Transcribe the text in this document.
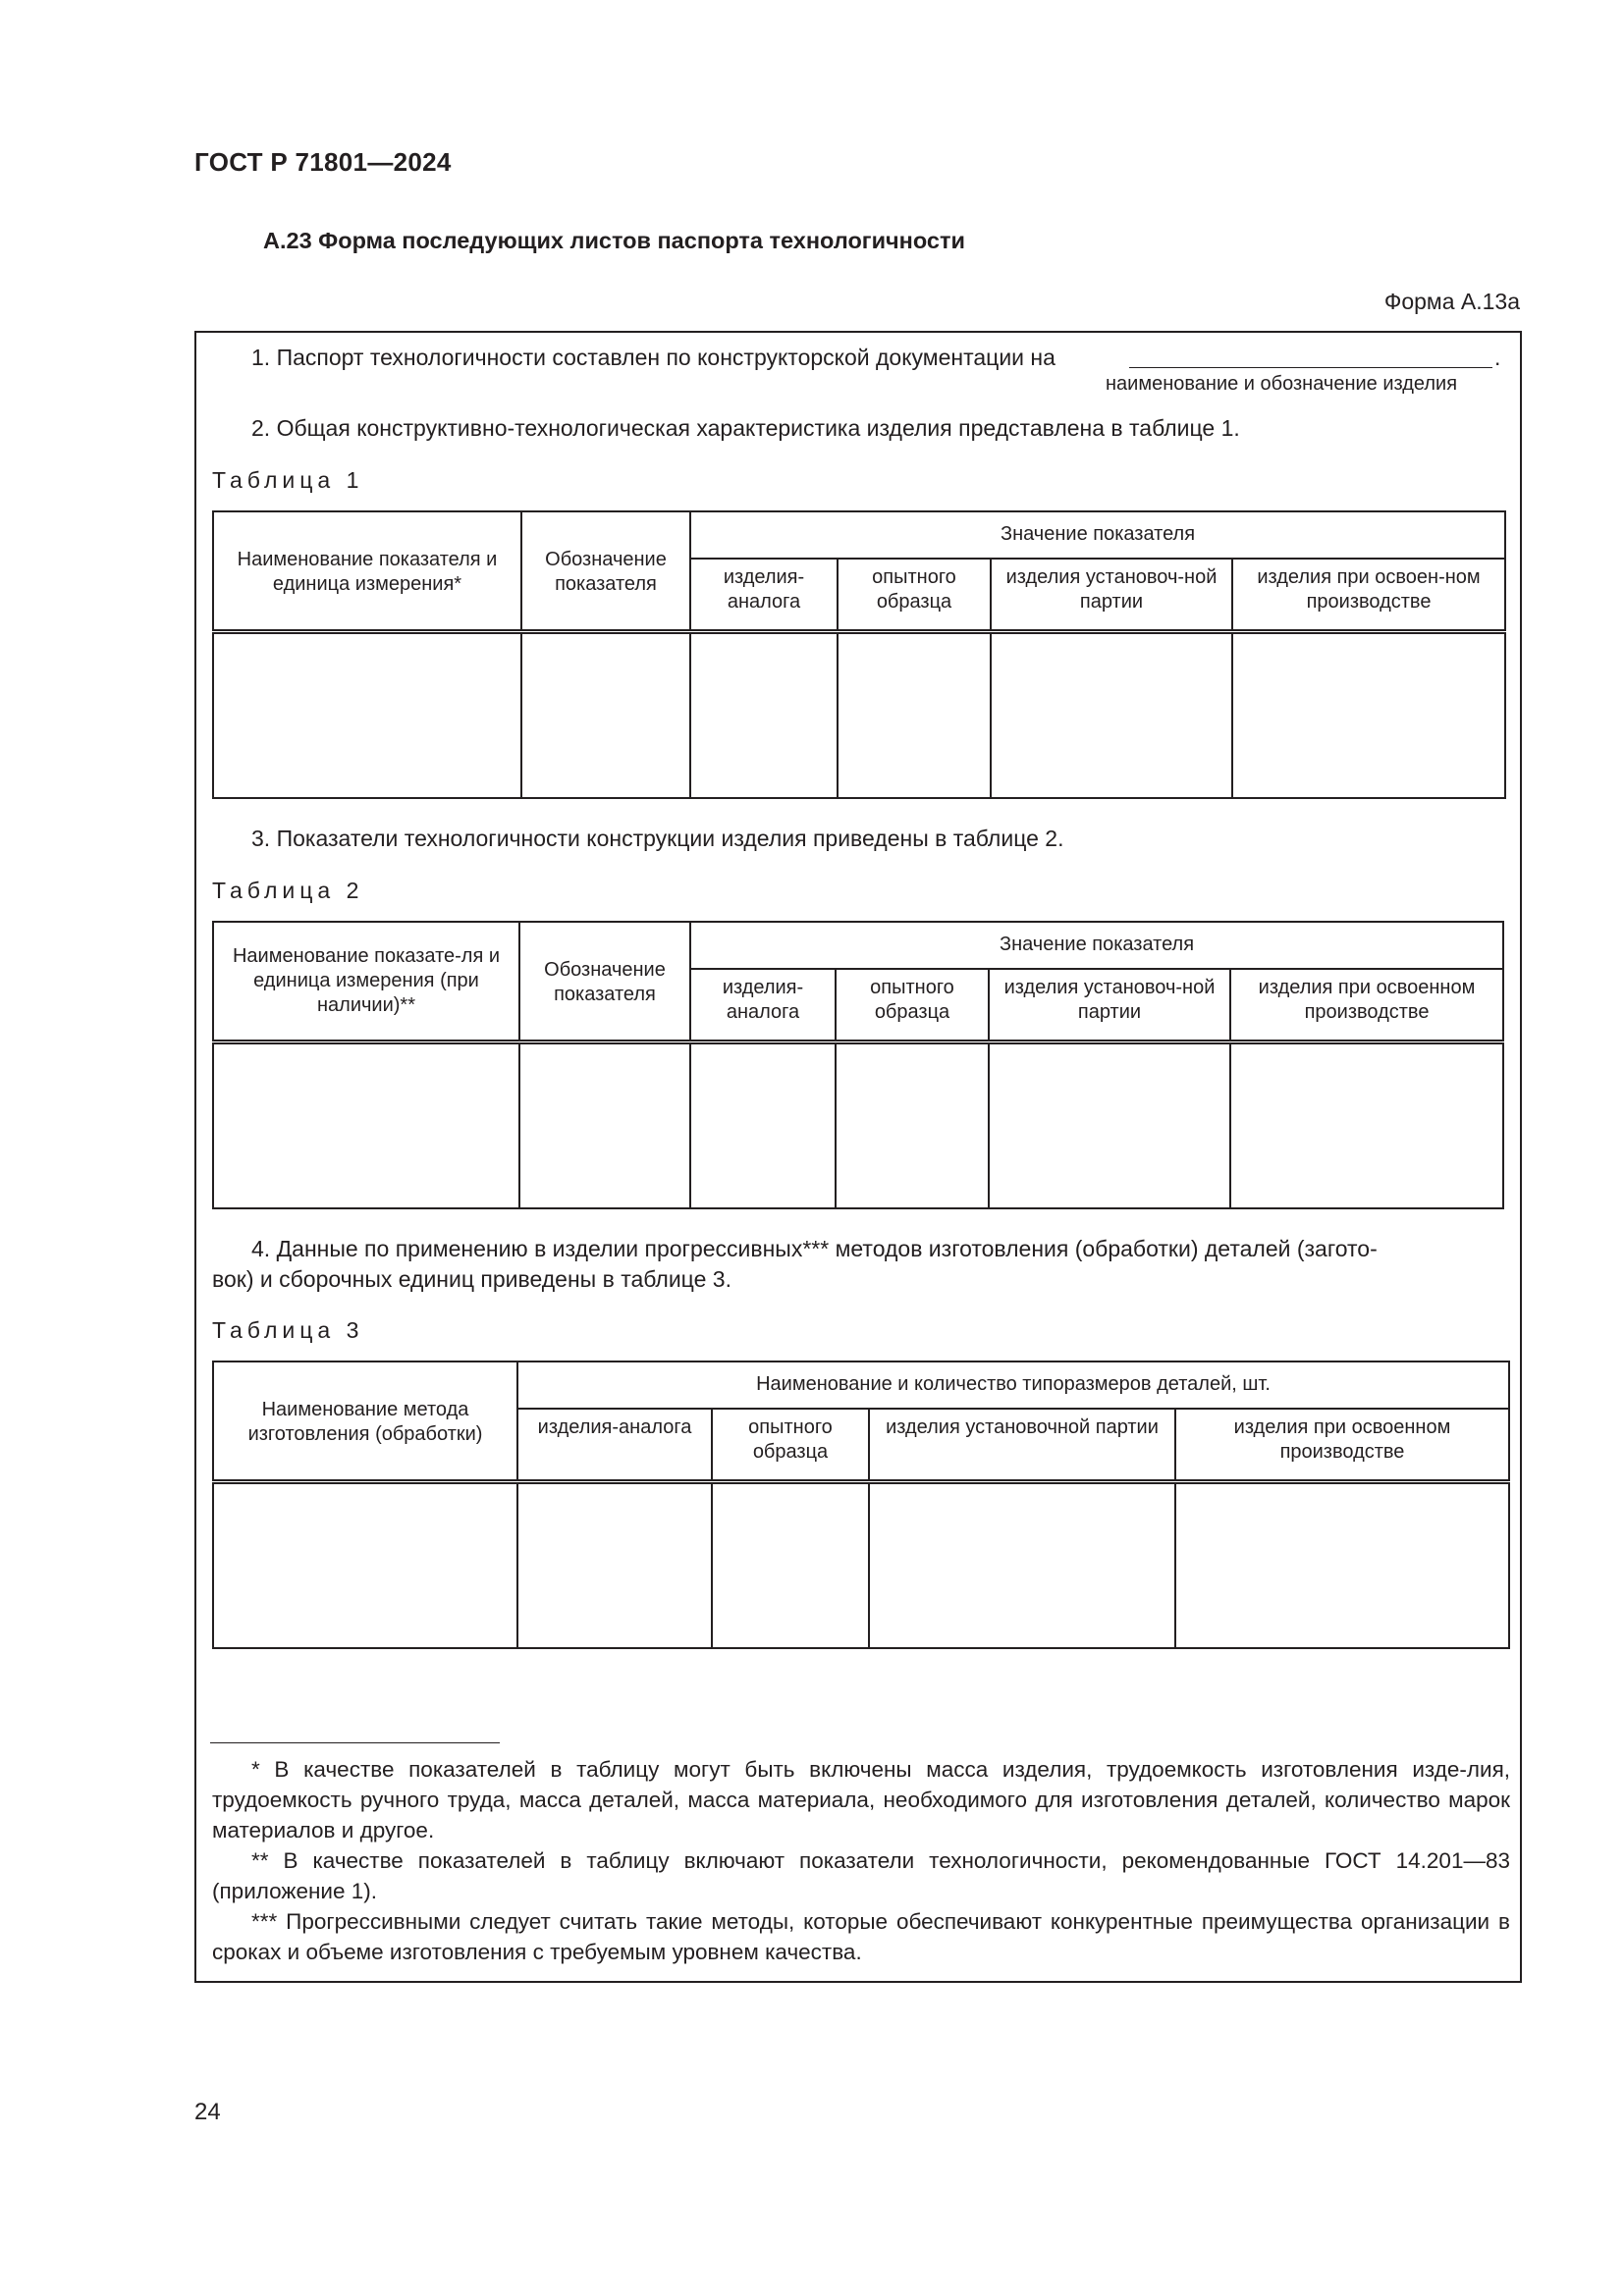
ГОСТ Р 71801—2024
А.23 Форма последующих листов паспорта технологичности
Форма А.13а
1. Паспорт технологичности составлен по конструкторской документации на	.
наименование и обозначение изделия
2. Общая конструктивно-технологическая характеристика изделия представлена в таблице 1.
Таблица 1
Наименование показателя и единица измерения*	Обозначение показателя	Значение показателя			
		изделия-аналога	опытного образца	изделия установоч-ной партии	изделия при освоен-ном производстве

3. Показатели технологичности конструкции изделия приведены в таблице 2.
Таблица 2
Наименование показате-ля и единица измерения (при наличии)**	Обозначение показателя	Значение показателя			
		изделия-аналога	опытного образца	изделия установоч-ной партии	изделия при освоенном производстве

4. Данные по применению в изделии прогрессивных*** методов изготовления (обработки) деталей (загото-
вок) и сборочных единиц приведены в таблице 3.
Таблица 3
Наименование метода изготовления (обработки)	Наименование и количество типоразмеров деталей, шт.			
	изделия-аналога	опытного образца	изделия установочной партии	изделия при освоенном производстве

* В качестве показателей в таблицу могут быть включены масса изделия, трудоемкость изготовления изде-лия, трудоемкость ручного труда, масса деталей, масса материала, необходимого для изготовления деталей, количество марок материалов и другое.
** В качестве показателей в таблицу включают показатели технологичности, рекомендованные ГОСТ 14.201—83 (приложение 1).
*** Прогрессивными следует считать такие методы, которые обеспечивают конкурентные преимущества организации в сроках и объеме изготовления с требуемым уровнем качества.
24
